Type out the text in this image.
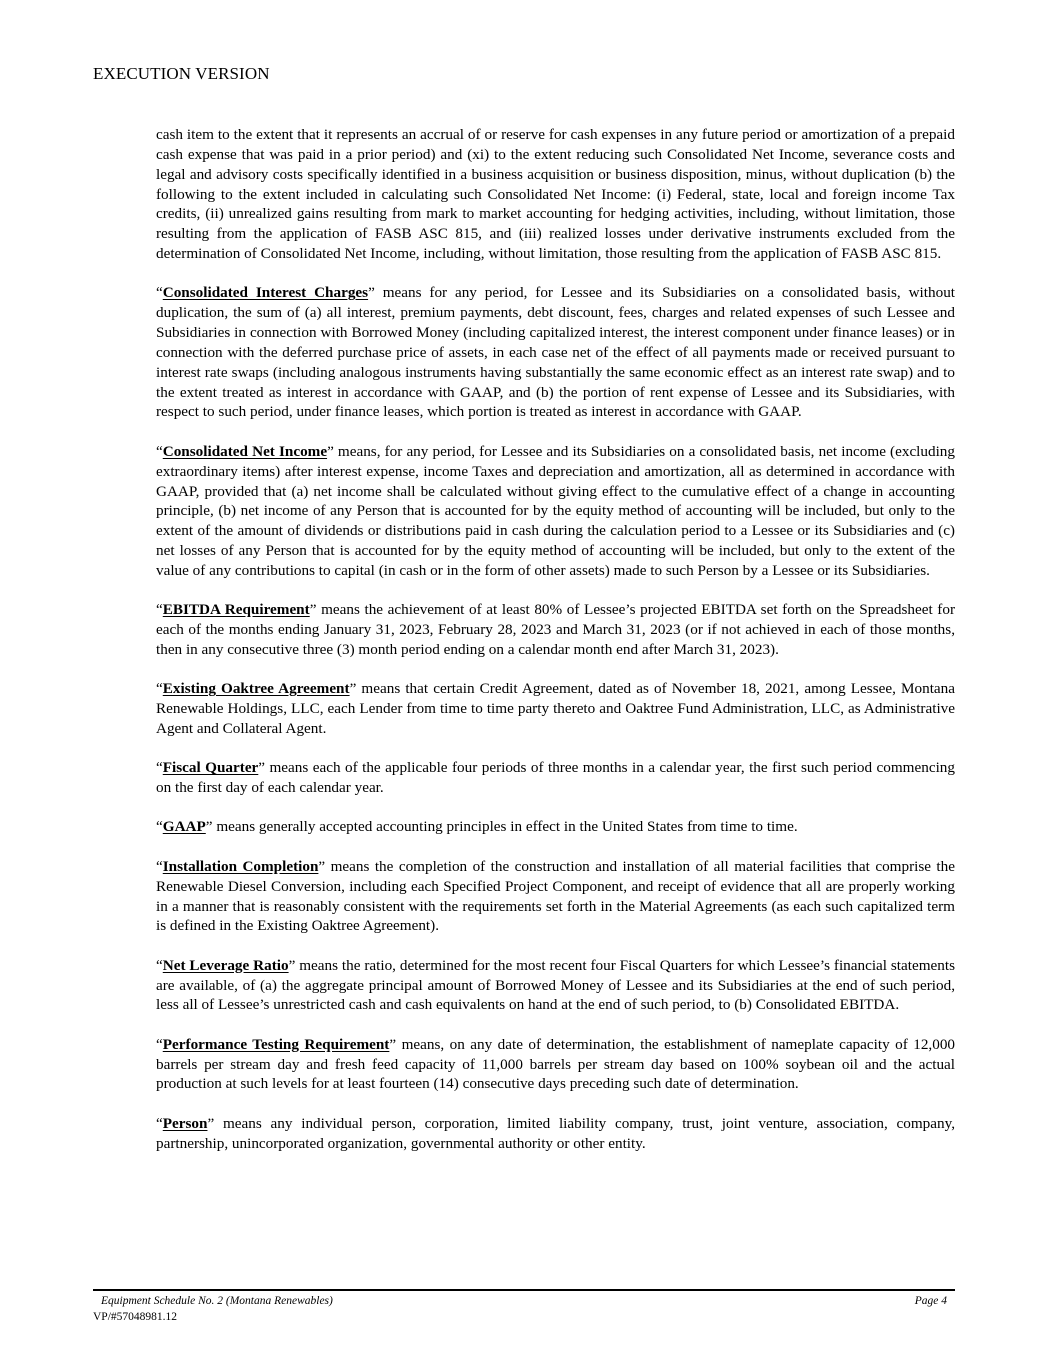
EXECUTION VERSION

cash item to the extent that it represents an accrual of or reserve for cash expenses in any future period or amortization of a prepaid cash expense that was paid in a prior period) and (xi) to the extent reducing such Consolidated Net Income, severance costs and legal and advisory costs specifically identified in a business acquisition or business disposition, minus, without duplication (b) the following to the extent included in calculating such Consolidated Net Income: (i) Federal, state, local and foreign income Tax credits, (ii) unrealized gains resulting from mark to market accounting for hedging activities, including, without limitation, those resulting from the application of FASB ASC 815, and (iii) realized losses under derivative instruments excluded from the determination of Consolidated Net Income, including, without limitation, those resulting from the application of FASB ASC 815.

“Consolidated Interest Charges” means for any period, for Lessee and its Subsidiaries on a consolidated basis, without duplication, the sum of (a) all interest, premium payments, debt discount, fees, charges and related expenses of such Lessee and Subsidiaries in connection with Borrowed Money (including capitalized interest, the interest component under finance leases) or in connection with the deferred purchase price of assets, in each case net of the effect of all payments made or received pursuant to interest rate swaps (including analogous instruments having substantially the same economic effect as an interest rate swap) and to the extent treated as interest in accordance with GAAP, and (b) the portion of rent expense of Lessee and its Subsidiaries, with respect to such period, under finance leases, which portion is treated as interest in accordance with GAAP.

“Consolidated Net Income” means, for any period, for Lessee and its Subsidiaries on a consolidated basis, net income (excluding extraordinary items) after interest expense, income Taxes and depreciation and amortization, all as determined in accordance with GAAP, provided that (a) net income shall be calculated without giving effect to the cumulative effect of a change in accounting principle, (b) net income of any Person that is accounted for by the equity method of accounting will be included, but only to the extent of the amount of dividends or distributions paid in cash during the calculation period to a Lessee or its Subsidiaries and (c) net losses of any Person that is accounted for by the equity method of accounting will be included, but only to the extent of the value of any contributions to capital (in cash or in the form of other assets) made to such Person by a Lessee or its Subsidiaries.

“EBITDA Requirement” means the achievement of at least 80% of Lessee’s projected EBITDA set forth on the Spreadsheet for each of the months ending January 31, 2023, February 28, 2023 and March 31, 2023 (or if not achieved in each of those months, then in any consecutive three (3) month period ending on a calendar month end after March 31, 2023).

“Existing Oaktree Agreement” means that certain Credit Agreement, dated as of November 18, 2021, among Lessee, Montana Renewable Holdings, LLC, each Lender from time to time party thereto and Oaktree Fund Administration, LLC, as Administrative Agent and Collateral Agent.

“Fiscal Quarter” means each of the applicable four periods of three months in a calendar year, the first such period commencing on the first day of each calendar year.

“GAAP” means generally accepted accounting principles in effect in the United States from time to time.

“Installation Completion” means the completion of the construction and installation of all material facilities that comprise the Renewable Diesel Conversion, including each Specified Project Component, and receipt of evidence that all are properly working in a manner that is reasonably consistent with the requirements set forth in the Material Agreements (as each such capitalized term is defined in the Existing Oaktree Agreement).

“Net Leverage Ratio” means the ratio, determined for the most recent four Fiscal Quarters for which Lessee’s financial statements are available, of (a) the aggregate principal amount of Borrowed Money of Lessee and its Subsidiaries at the end of such period, less all of Lessee’s unrestricted cash and cash equivalents on hand at the end of such period, to (b) Consolidated EBITDA.

“Performance Testing Requirement” means, on any date of determination, the establishment of nameplate capacity of 12,000 barrels per stream day and fresh feed capacity of 11,000 barrels per stream day based on 100% soybean oil and the actual production at such levels for at least fourteen (14) consecutive days preceding such date of determination.

“Person” means any individual person, corporation, limited liability company, trust, joint venture, association, company, partnership, unincorporated organization, governmental authority or other entity.

Equipment Schedule No. 2 (Montana Renewables)	Page 4
VP/#57048981.12
